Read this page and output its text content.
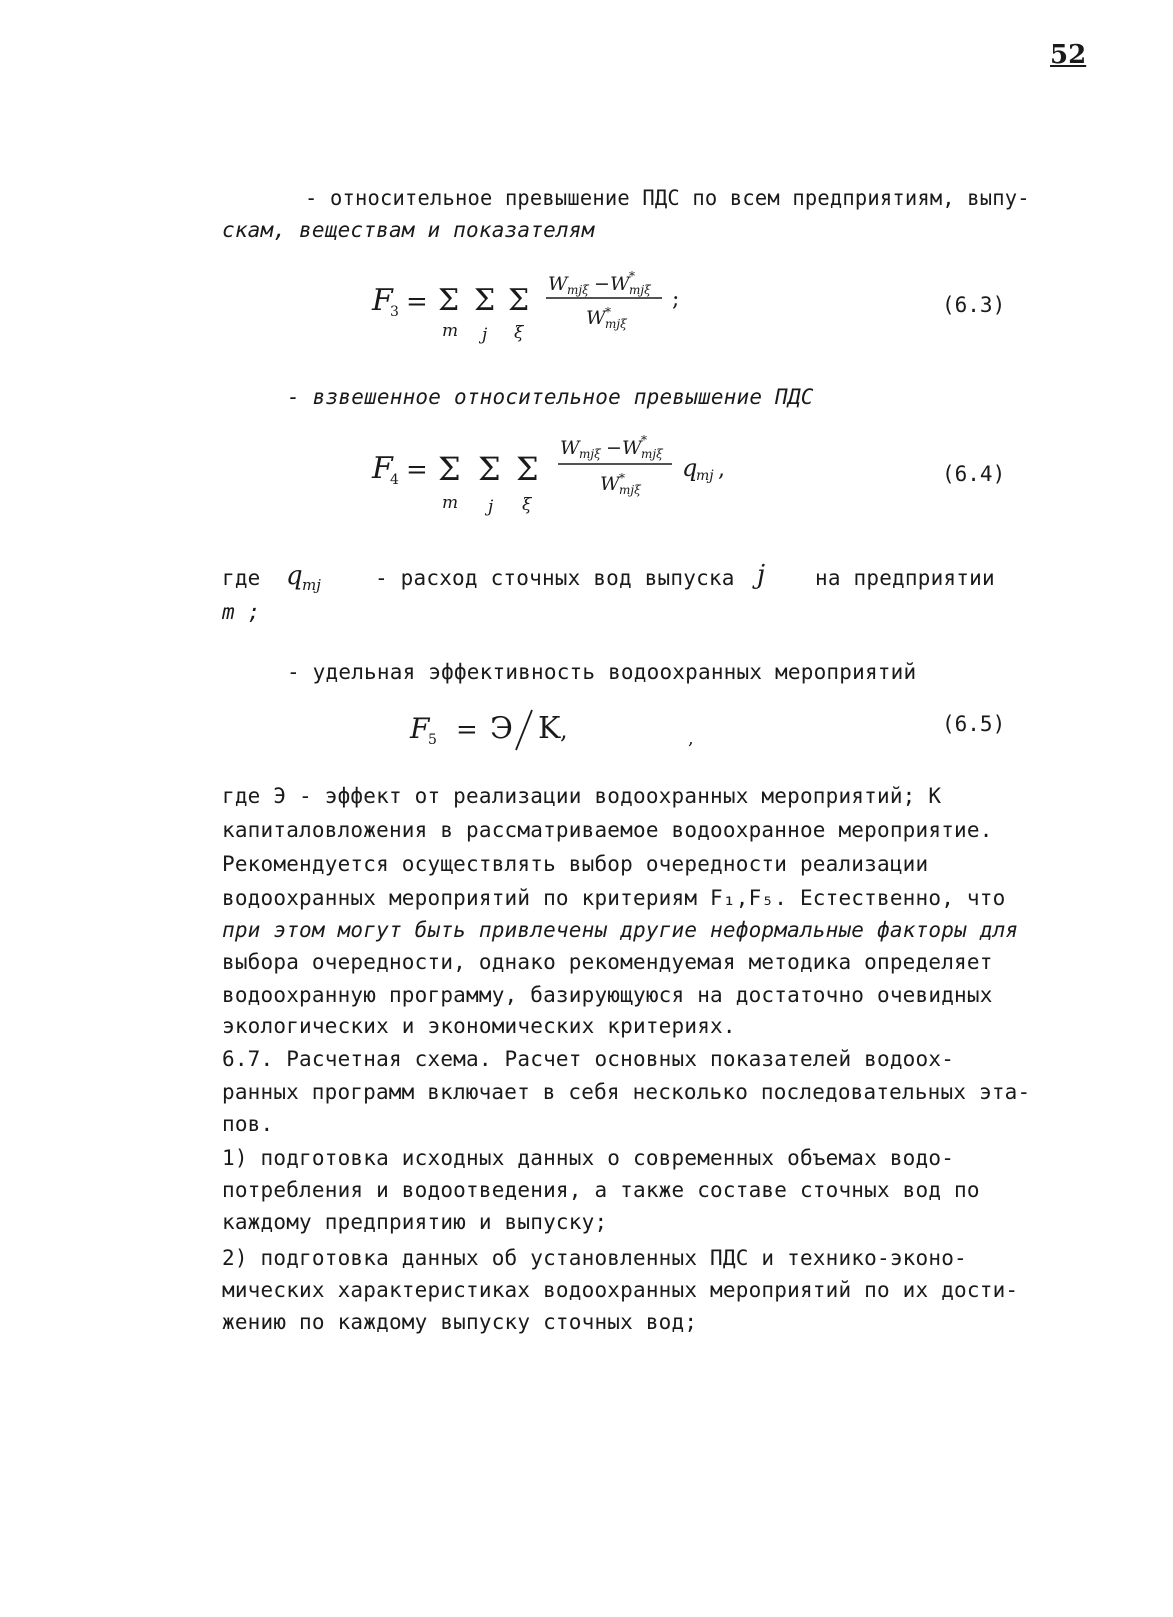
52
- относительное превышение ПДС по всем предприятиям, выпу-
скам, веществам и показателям
F
3 = Σ Σ Σ
m j ξ
W mjξ − W *
mjξ
W *
mjξ
;	(6.3)
- взвешенное относительное превышение ПДС
F
4 = Σ Σ Σ
m j ξ
W mjξ − W *
mjξ
W *
mjξ
q
mj ,	(6.4)
где q mj	- расход сточных вод выпуска j на предприятии
m ;
- удельная эффективность водоохранных мероприятий
F
5 = Э K ,	,
(6.5)
где Э - эффект от реализации водоохранных мероприятий; K
капиталовложения в рассматриваемое водоохранное мероприятие.
Рекомендуется осуществлять выбор очередности реализации
водоохранных мероприятий по критериям F₁,F₅. Естественно, что
при этом могут быть привлечены другие неформальные факторы для
выбора очередности, однако рекомендуемая методика определяет
водоохранную программу, базирующуюся на достаточно очевидных
экологических и экономических критериях.
6.7. Расчетная схема. Расчет основных показателей водоох-
ранных программ включает в себя несколько последовательных эта-
пов.
1) подготовка исходных данных о современных объемах водо-
потребления и водоотведения, а также составе сточных вод по
каждому предприятию и выпуску;
2) подготовка данных об установленных ПДС и технико-эконо-
мических характеристиках водоохранных мероприятий по их дости-
жению по каждому выпуску сточных вод;
